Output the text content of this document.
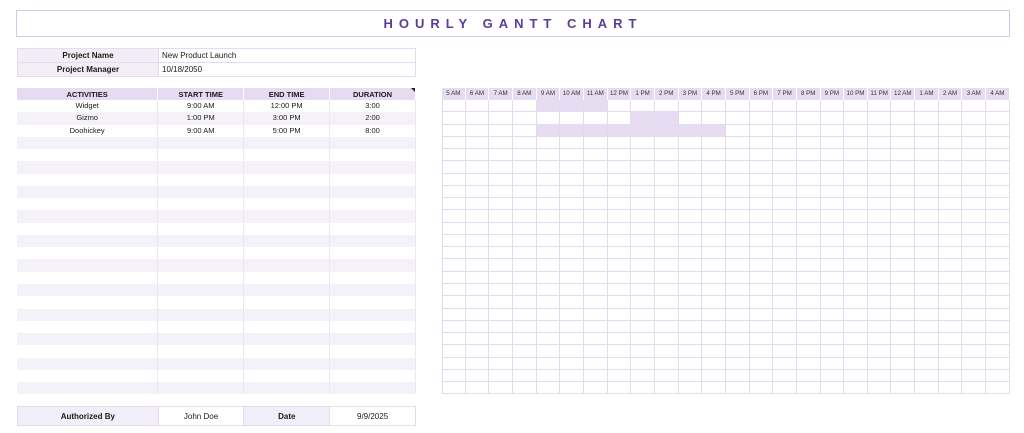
HOURLY GANTT CHART
Project Name	New Product Launch
Project Manager	10/18/2050
ACTIVITIES	START TIME	END TIME	DURATION
Widget	9:00 AM	12:00 PM	3:00
Gizmo	1:00 PM	3:00 PM	2:00
Doohickey	9:00 AM	5:00 PM	8:00

5 AM	6 AM	7 AM	8 AM	9 AM	10 AM	11 AM 12 PM	1 PM	2 PM	3 PM	4 PM	5 PM	6 PM	7 PM	8 PM	9 PM	10 PM 11 PM 12 AM	1 AM	2 AM	3 AM	4 AM
Authorized By	John Doe	Date	9/9/2025
